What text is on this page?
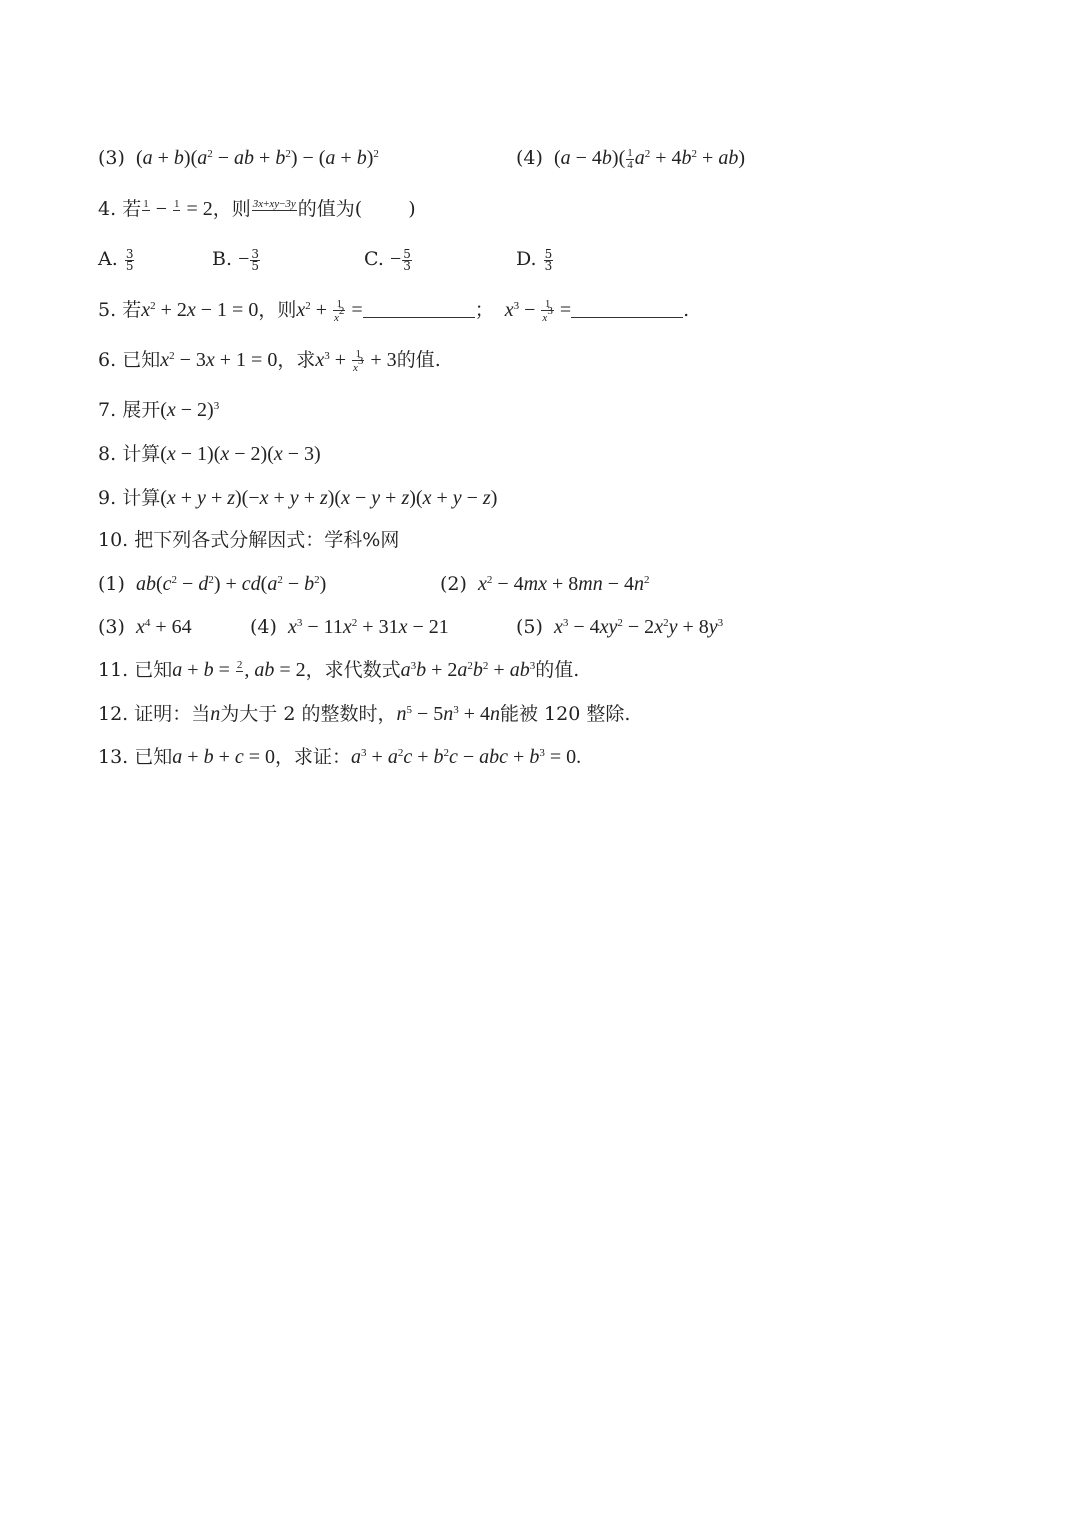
(3)  $(a + b)(a^2$ − ab + $b^2) - (a + b)^2$	(4)  $(a - 4b)( \frac{1}{4} a^2 + 4b^2 + ab)$
4. 若 1
− 1
= 2，则 3x+xy−3y
的值为( )
A. $\frac{3}{5}$	B. − $\frac{3}{5}$	C. − $\frac{5}{3}$	D. $\frac{5}{3}$
5. 若$x^2 + 2x - 1 = 0$，则$x^2 + \frac{1}{x^2}$ =	； $x^3 - \frac{1}{x^3}$ =	.
6. 已知$x^2 - 3x + 1 = 0$，求$x^3 + \frac{1}{x^3} + 3$的值.
7. 展开$(x - 2)^3$
8. 计算(x − 1)(x − 2)(x − 3)
9. 计算(x + y + z)(−x + y + z)(x − y + z)(x + y − z)
10. 把下列各式分解因式：学科%网
(1) $ab(c^2 - d^2) + cd(a^2 - b^2)$	(2) $x^2 - 4mx + 8mn - 4n^2$
(3) $x^4 + 64$	(4) $x^3 - 11x^2 + 31x - 21$	(5) $x^3 - 4xy^2 - 2x^2y + 8y^3$
11. 已知a + b = 2
, ab = 2，求代数式$a^3b + 2a^2b^2 + ab^3$的值.
12. 证明：当n为大于 2 的整数时，$n^5 - 5n^3 + 4n$能被 120 整除.
13. 已知a + b + c = 0，求证：$a^3 + a^2c + b^2c$ − abc + $b^3 = 0$.
